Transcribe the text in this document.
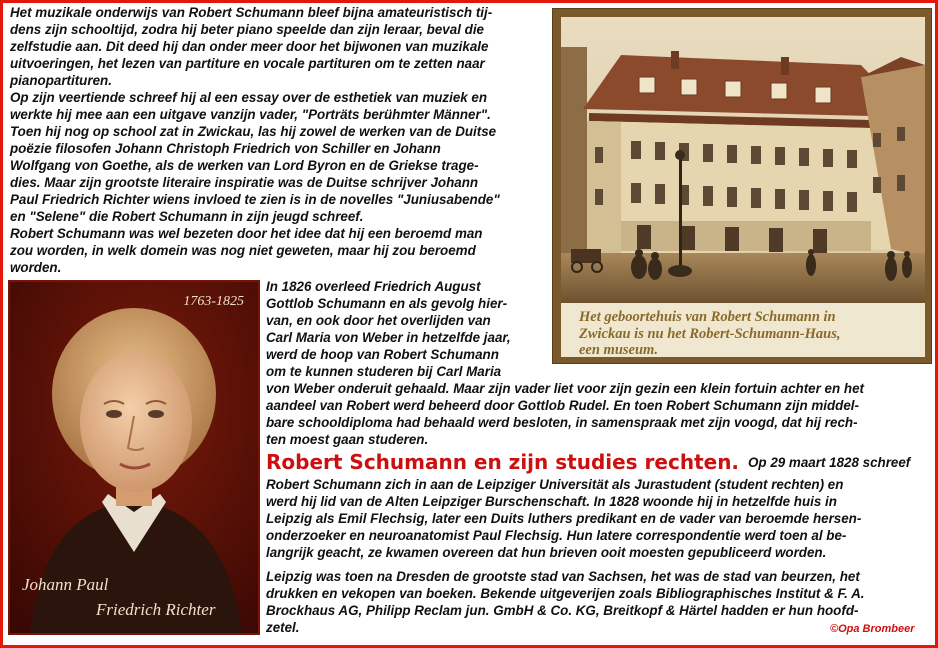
Het muzikale onderwijs van Robert Schumann bleef bijna amateuristisch tij-
dens zijn schooltijd, zodra hij beter piano speelde dan zijn leraar, beval die
zelfstudie aan. Dit deed hij dan onder meer door het bijwonen van muzikale
uitvoeringen, het lezen van partiture en vocale partituren om te zetten naar
pianopartituren.
Op zijn veertiende schreef hij al een essay over de esthetiek van muziek en
werkte hij mee aan een uitgave vanzijn vader, "Porträts berühmter Männer".
Toen hij nog op school zat in Zwickau, las hij zowel de werken van de Duitse
poëzie filosofen Johann Christoph Friedrich von Schiller en Johann
Wolfgang von Goethe, als de werken van Lord Byron en de Griekse trage-
dies. Maar zijn grootste literaire inspiratie was de Duitse schrijver Johann
Paul Friedrich Richter wiens invloed te zien is in de novelles "Juniusabende"
en "Selene" die Robert Schumann in zijn jeugd schreef.
Robert Schumann was wel bezeten door het idee dat hij een beroemd man
zou worden, in welk domein was nog niet geweten, maar hij zou beroemd
worden.

Het geboortehuis van Robert Schumann in
Zwickau is nu het Robert-Schumann-Haus,
een museum.

In 1826 overleed Friedrich August
Gottlob Schumann en als gevolg hier-
van, en ook door het overlijden van
Carl Maria von Weber in hetzelfde jaar,
werd de hoop van Robert Schumann
om te kunnen studeren bij Carl Maria
von Weber onderuit gehaald. Maar zijn vader liet voor zijn gezin een klein fortuin achter en het
aandeel van Robert werd beheerd door Gottlob Rudel. En toen Robert Schumann zijn middel-
bare schooldiploma had behaald werd besloten, in samenspraak met zijn voogd, dat hij rech-
ten moest gaan studeren.
1763-1825
Johann Paul
Friedrich Richter
Robert Schumann en zijn studies rechten. Op 29 maart 1828 schreef
Robert Schumann zich in aan de Leipziger Universität als Jurastudent (student rechten) en
werd hij lid van de Alten Leipziger Burschenschaft. In 1828 woonde hij in hetzelfde huis in
Leipzig als Emil Flechsig, later een Duits luthers predikant en de vader van beroemde hersen-
onderzoeker en neuroanatomist Paul Flechsig. Hun latere correspondentie werd toen al be-
langrijk geacht, ze kwamen overeen dat hun brieven ooit moesten gepubliceerd worden.
Leipzig was toen na Dresden de grootste stad van Sachsen, het was de stad van beurzen, het
drukken en vekopen van boeken. Bekende uitgeverijen zoals Bibliographisches Institut & F. A.
Brockhaus AG, Philipp Reclam jun. GmbH & Co. KG, Breitkopf & Härtel hadden er hun hoofd-
zetel.	©Opa Brombeer
